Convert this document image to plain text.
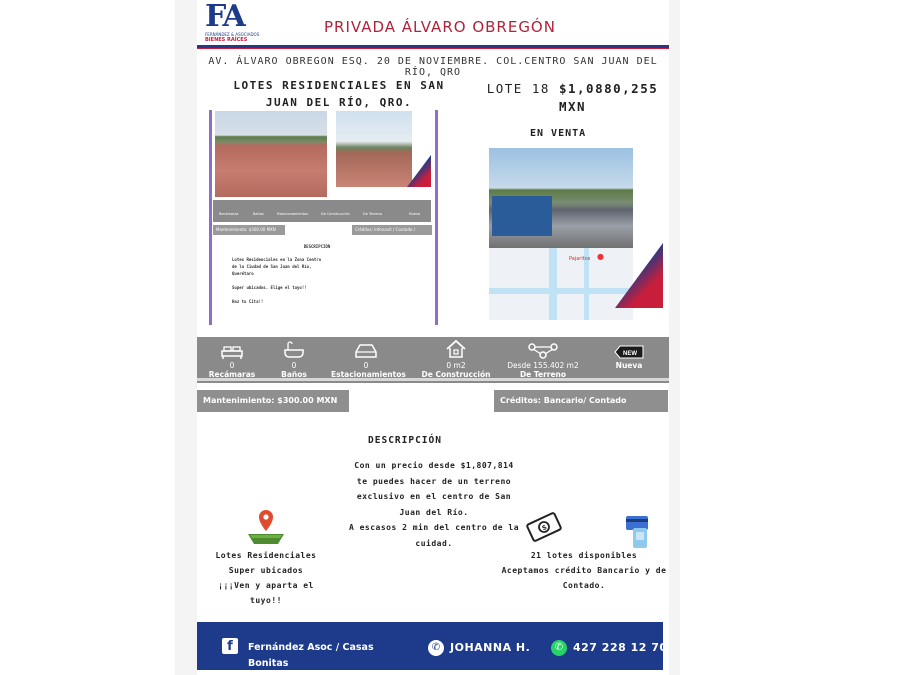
FA
FERNÁNDEZ & ASOCIADOS
BIENES RAÍCES
PRIVADA ÁLVARO OBREGÓN
AV. ÁLVARO OBREGON ESQ. 20 DE NOVIEMBRE. COL.CENTRO SAN JUAN DEL RÍO, QRO
Recámaras	Baños	Estacionamientos	De Construcción	De Terreno	Nueva
Mantenimiento: $300.00 MXN	Créditos: Infonavit / Contado / Bancario
DESCRIPCIÓN
Lotes Residenciales en la Zona Centro
de la Ciudad de San Juan del Río,
Querétaro
Super ubicados. Elige el tuyo!!
Haz tu Cita!!
LOTES RESIDENCIALES EN SAN JUAN DEL RÍO, QRO.
LOTE 18 $1,0880,255 MXN
EN VENTA
●
Pajaritos
0
Recámaras
0
Baños
0
Estacionamientos
0 m2
De Construcción
Desde 155.402 m2
De Terreno
NEW
Nueva
Mantenimiento: $300.00 MXN	Créditos: Bancario/ Contado
DESCRIPCIÓN
Con un precio desde $1,807,814
te puedes hacer de un terreno
exclusivo en el centro de San
Juan del Río.
A escasos 2 min del centro de la
cuidad.
Lotes Residenciales
Super ubicados
¡¡¡Ven y aparta el tuyo!!
$
21 lotes disponibles
Aceptamos crédito Bancario y de
Contado.
f	Fernández Asoc / Casas Bonitas
✆ JOHANNA H.	✆ 427 228 12 70
